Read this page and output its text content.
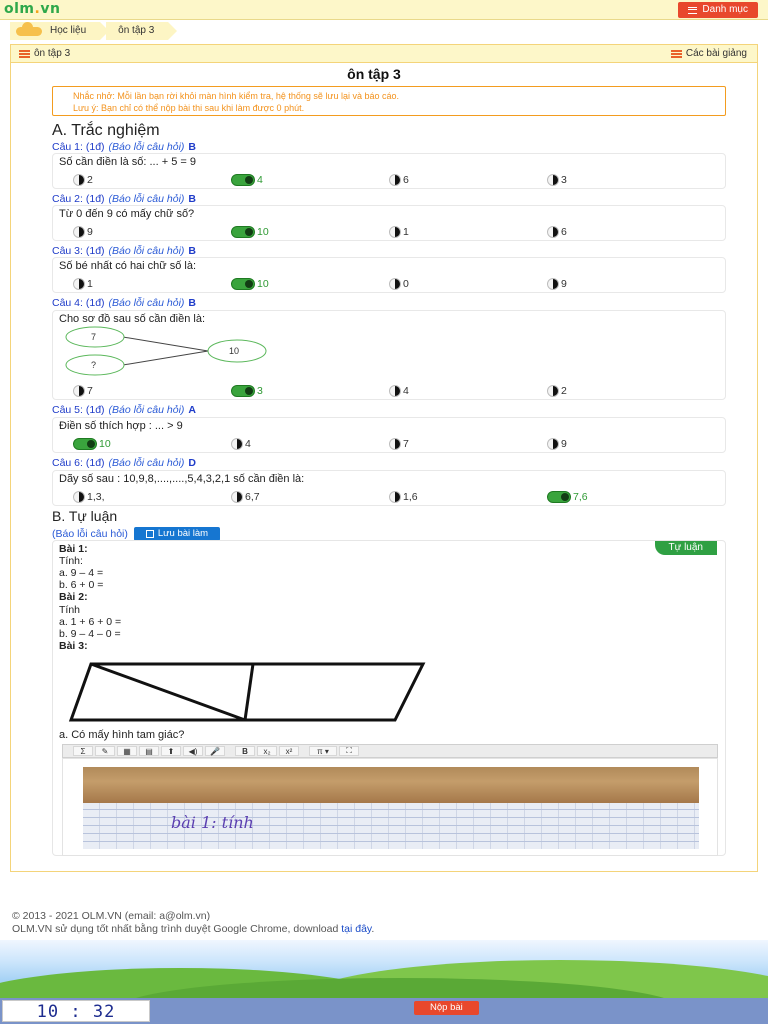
olm.vn	Danh mục
Học liệu	ôn tập 3
ôn tập 3	Các bài giảng
ôn tập 3
Nhắc nhở: Mỗi lần bạn rời khỏi màn hình kiểm tra, hệ thống sẽ lưu lại và báo cáo.
Lưu ý: Bạn chỉ có thể nộp bài thi sau khi làm được 0 phút.
A. Trắc nghiệm
Câu 1: (1đ) (Báo lỗi câu hỏi) B
Số cần điền là số: ... + 5 = 9
2	4	6	3
Câu 2: (1đ) (Báo lỗi câu hỏi) B
Từ 0 đến 9 có mấy chữ số?
9	10	1	6
Câu 3: (1đ) (Báo lỗi câu hỏi) B
Số bé nhất có hai chữ số là:
1	10	0	9
Câu 4: (1đ) (Báo lỗi câu hỏi) B
Cho sơ đồ sau số cần điền là:
7
?
10
7	3	4	2
Câu 5: (1đ) (Báo lỗi câu hỏi) A
Điền số thích hợp : ... > 9
10	4	7	9
Câu 6: (1đ) (Báo lỗi câu hỏi) D
Dãy số sau : 10,9,8,....,....,5,4,3,2,1 số cần điền là:
1,3,	6,7	1,6	7,6
B. Tự luận
(Báo lỗi câu hỏi)	Lưu bài làm
Tự luận
Bài 1:
Tính:
a. 9 – 4 =
b. 6 + 0 =
Bài 2:
Tính
a. 1 + 6 + 0 =
b. 9 – 4 – 0 =
Bài 3:
a. Có mấy hình tam giác?
Σ	✎	▦	▤	⬆	◀)	🎤	B	x₂	x²	π ▾	⛶
bài 1: tính
© 2013 - 2021 OLM.VN (email: a@olm.vn)
OLM.VN sử dụng tốt nhất bằng trình duyệt Google Chrome, download tại đây.
10 : 32	Nộp bài
